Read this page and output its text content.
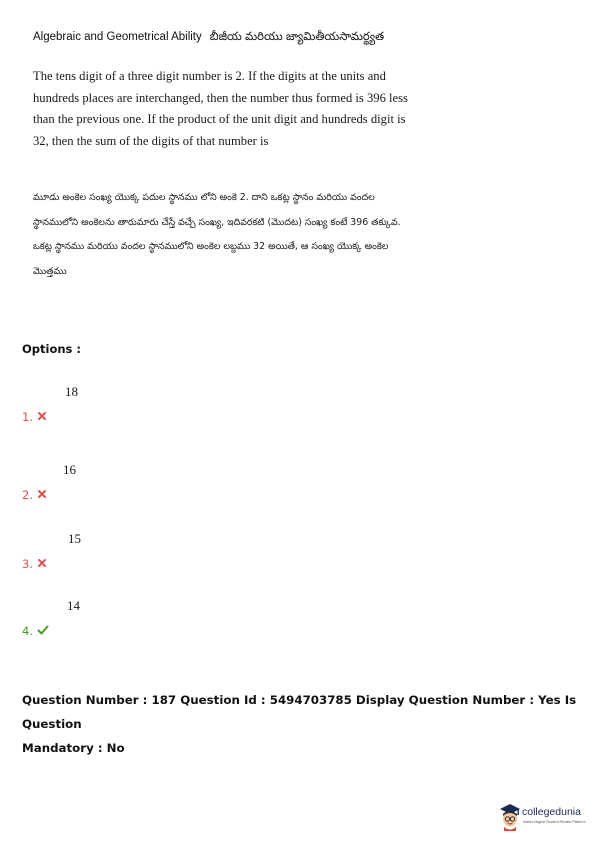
Algebraic and Geometrical Ability బీజీయ మరియు జ్యామితీయసామర్థ్యత
The tens digit of a three digit number is 2. If the digits at the units and hundreds places are interchanged, then the number thus formed is 396 less than the previous one. If the product of the unit digit and hundreds digit is 32, then the sum of the digits of that number is
మూడు అంకెల సంఖ్య యొక్క పదుల స్థానము లోని అంకె 2. దాని ఒకట్ల స్థానం మరియు వందల స్థానములోని అంకెలను తారుమారు చేస్తే వచ్చే సంఖ్య, ఇదివరకటి (మొదట) సంఖ్య కంటే 396 తక్కువ. ఒకట్ల స్థానము మరియు వందల స్థానములోని అంకెల లబ్దము 32 అయితే, ఆ సంఖ్య యొక్క అంకెల మొత్తము
Options :
1.
18
2.
16
3.
15
4.
14
Question Number : 187 Question Id : 5494703785 Display Question Number : Yes Is Question
Mandatory : No
collegedunia
India's largest Student Review Platform
